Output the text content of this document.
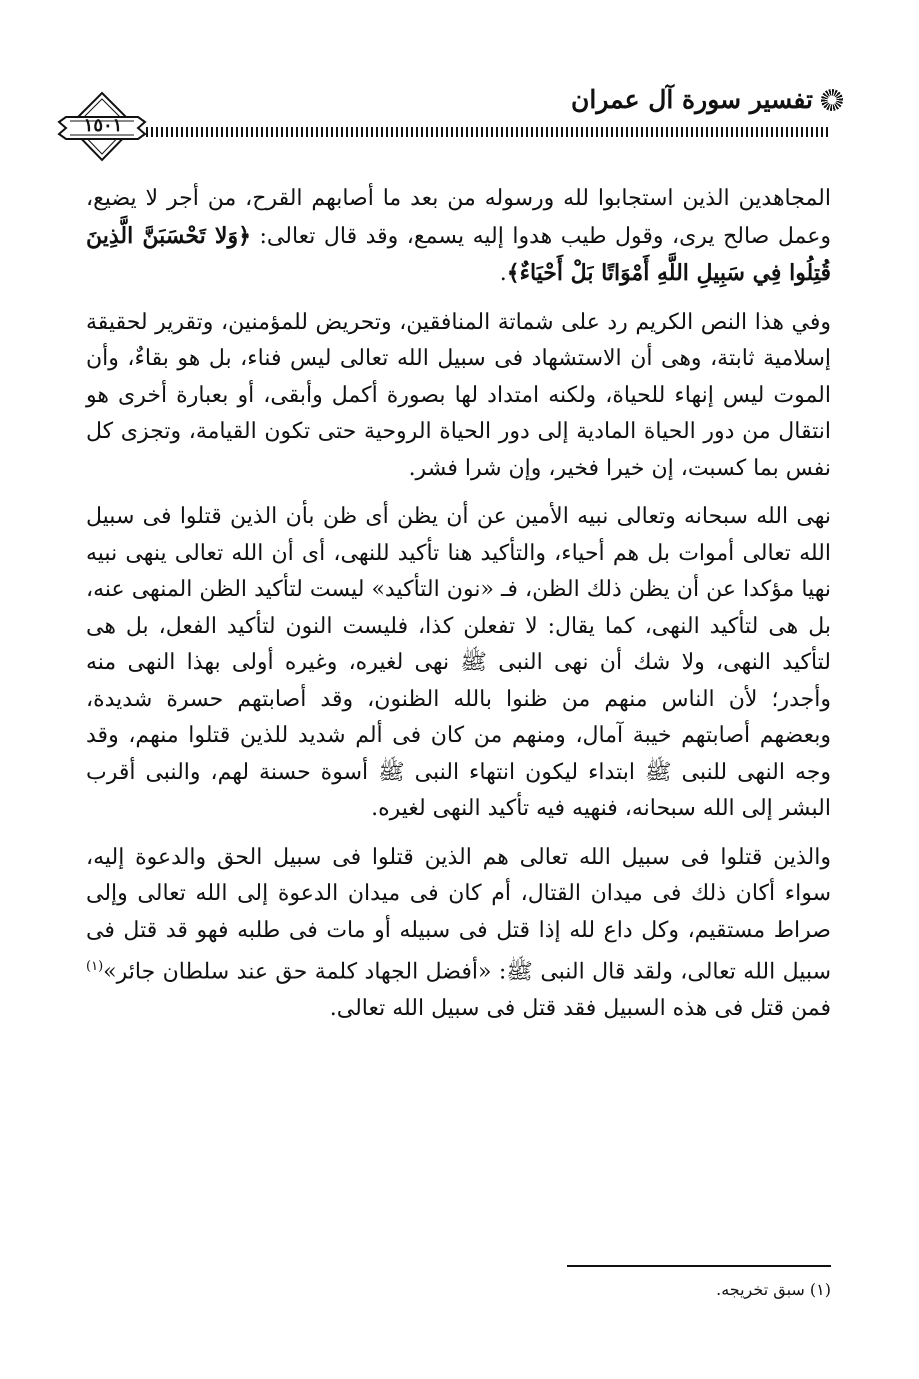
تفسير سورة آل عمران
١٥٠١

المجاهدين الذين استجابوا لله ورسوله من بعد ما أصابهم القرح، من أجر لا يضيع، وعمل صالح يرى، وقول طيب هدوا إليه يسمع، وقد قال تعالى: ﴿وَلا تَحْسَبَنَّ الَّذِينَ قُتِلُوا فِي سَبِيلِ اللَّهِ أَمْوَاتًا بَلْ أَحْيَاءٌ﴾.

وفي هذا النص الكريم رد على شماتة المنافقين، وتحريض للمؤمنين، وتقرير لحقيقة إسلامية ثابتة، وهى أن الاستشهاد فى سبيل الله تعالى ليس فناء، بل هو بقاءٌ، وأن الموت ليس إنهاء للحياة، ولكنه امتداد لها بصورة أكمل وأبقى، أو بعبارة أخرى هو انتقال من دور الحياة المادية إلى دور الحياة الروحية حتى تكون القيامة، وتجزى كل نفس بما كسبت، إن خيرا فخير، وإن شرا فشر.

نهى الله سبحانه وتعالى نبيه الأمين عن أن يظن أى ظن بأن الذين قتلوا فى سبيل الله تعالى أموات بل هم أحياء، والتأكيد هنا تأكيد للنهى، أى أن الله تعالى ينهى نبيه نهيا مؤكدا عن أن يظن ذلك الظن، فـ «نون التأكيد» ليست لتأكيد الظن المنهى عنه، بل هى لتأكيد النهى، كما يقال: لا تفعلن كذا، فليست النون لتأكيد الفعل، بل هى لتأكيد النهى، ولا شك أن نهى النبى ﷺ نهى لغيره، وغيره أولى بهذا النهى منه وأجدر؛ لأن الناس منهم من ظنوا بالله الظنون، وقد أصابتهم حسرة شديدة، وبعضهم أصابتهم خيبة آمال، ومنهم من كان فى ألم شديد للذين قتلوا منهم، وقد وجه النهى للنبى ﷺ ابتداء ليكون انتهاء النبى ﷺ أسوة حسنة لهم، والنبى أقرب البشر إلى الله سبحانه، فنهيه فيه تأكيد النهى لغيره.

والذين قتلوا فى سبيل الله تعالى هم الذين قتلوا فى سبيل الحق والدعوة إليه، سواء أكان ذلك فى ميدان القتال، أم كان فى ميدان الدعوة إلى الله تعالى وإلى صراط مستقيم، وكل داع لله إذا قتل فى سبيله أو مات فى طلبه فهو قد قتل فى سبيل الله تعالى، ولقد قال النبى ﷺ: «أفضل الجهاد كلمة حق عند سلطان جائر»$^{(١)}$ فمن قتل فى هذه السبيل فقد قتل فى سبيل الله تعالى.

(١) سبق تخريجه.
